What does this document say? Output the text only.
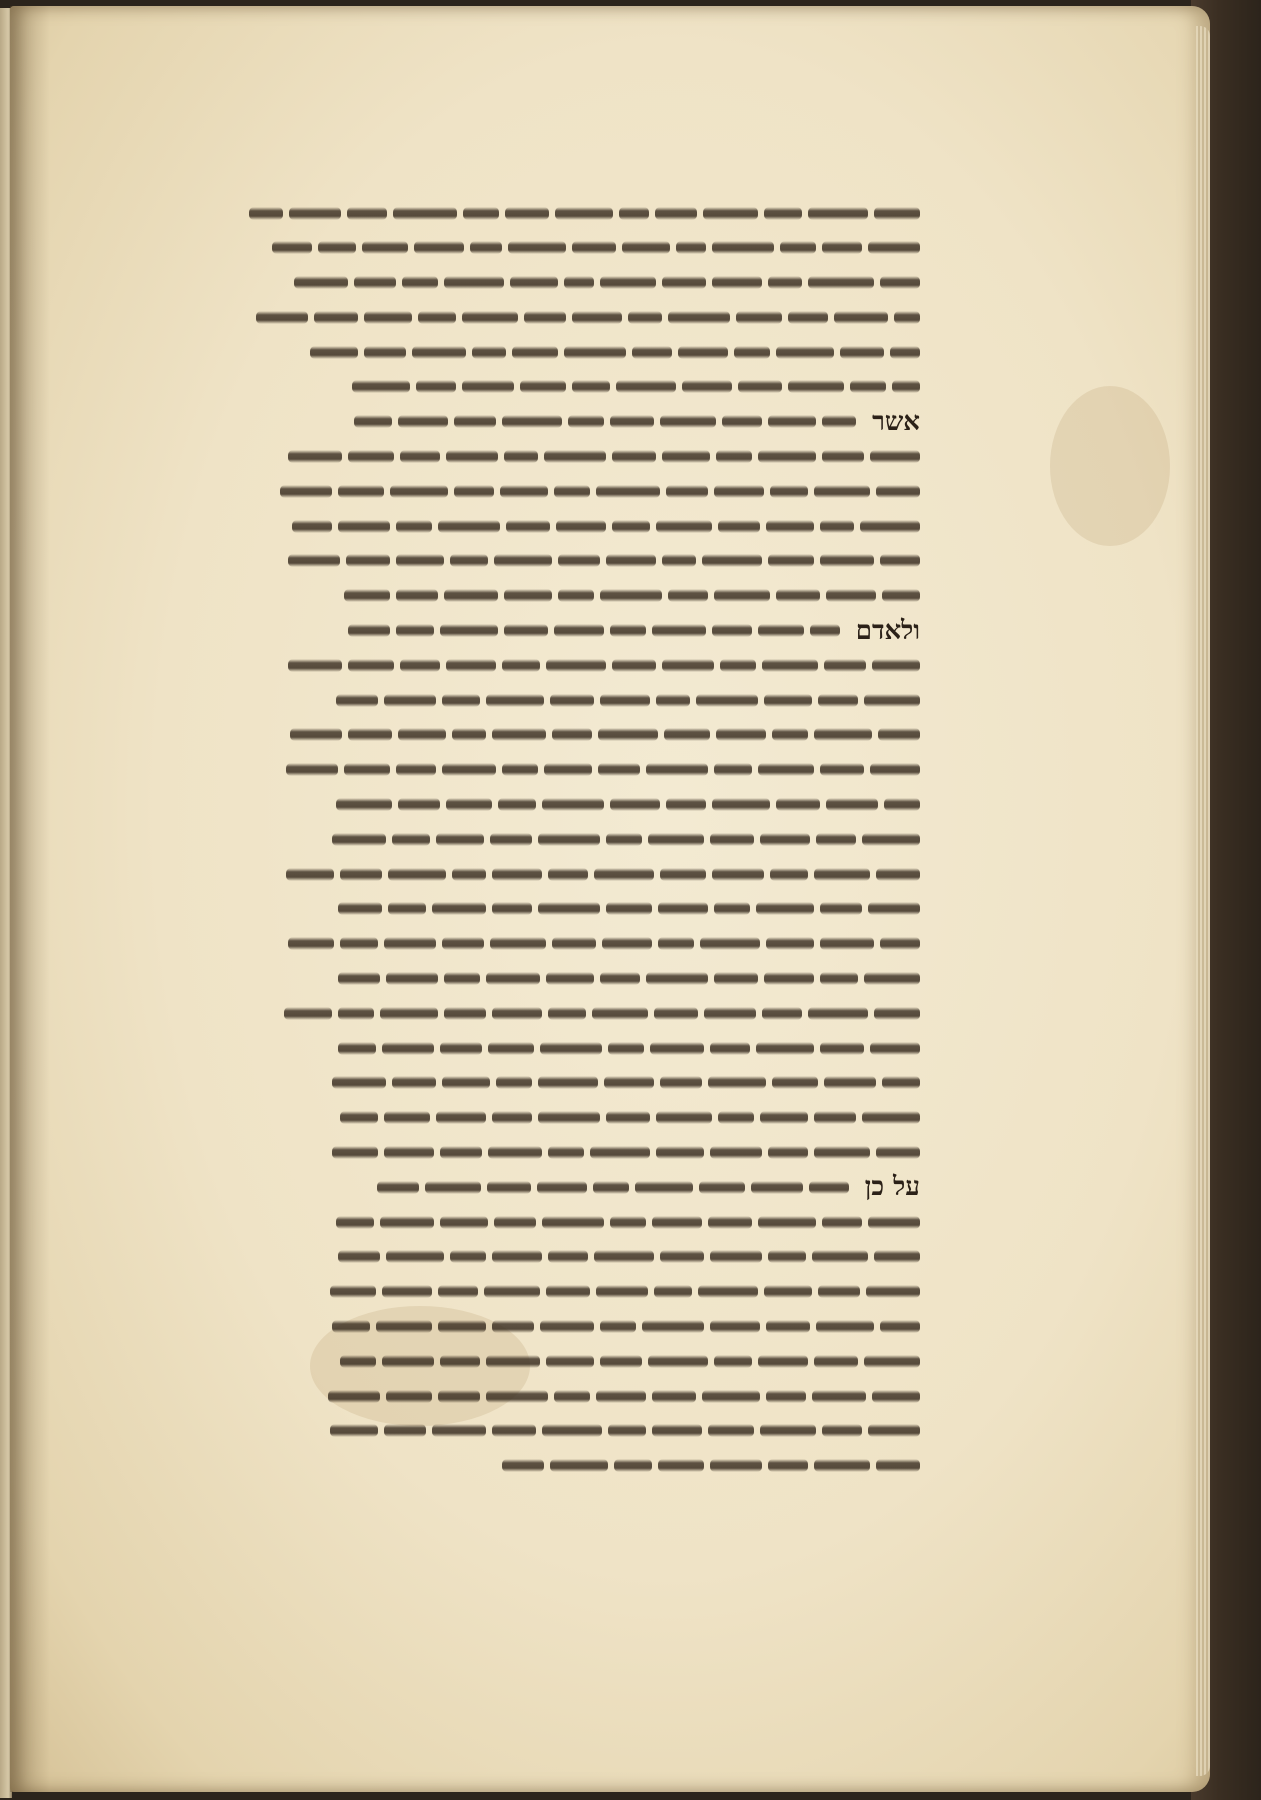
אשר
ולאדם
על כן
